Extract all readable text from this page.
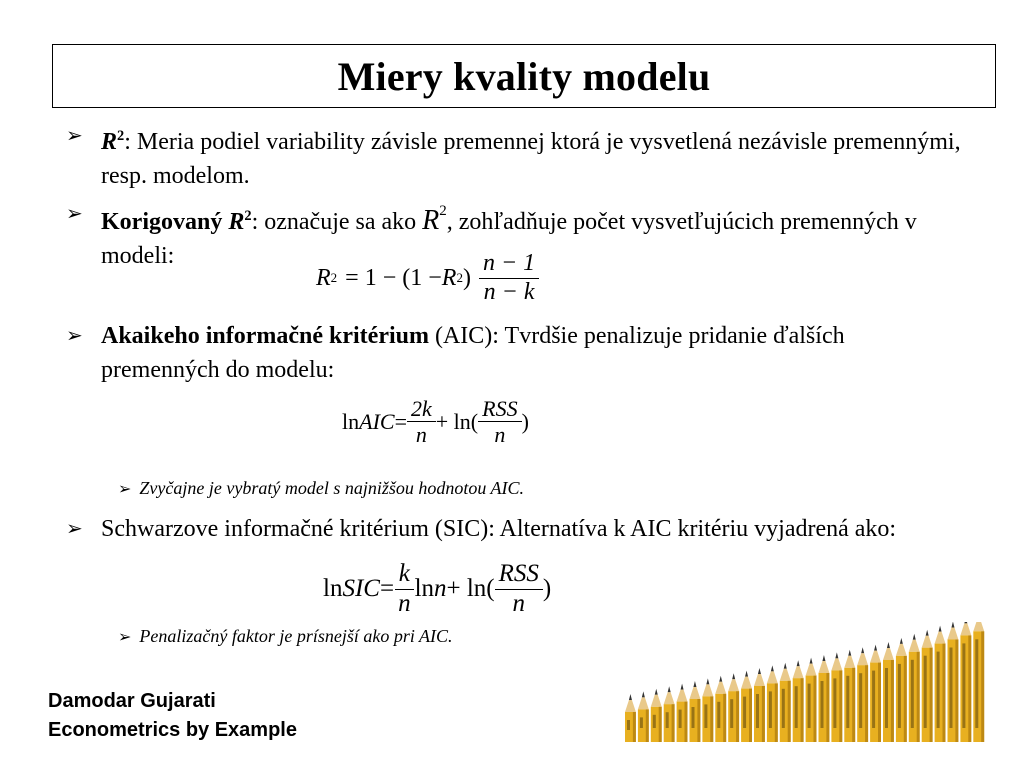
Miery kvality modelu
➢ $R^2$: Meria podiel variability závisle premennej ktorá je vysvetlená nezávisle premennými, resp. modelom.
➢ Korigovaný $R^2$: označuje sa ako $R^2$, zohľadňuje počet vysvetľujúcich premenných v modeli:
R 2 = 1 − (1 − R 2 ) $\frac{n - 1}{n - k}$
➢ Akaikeho informačné kritérium (AIC): Tvrdšie penalizuje pridanie ďalších premenných do modelu:
ln AIC = $\frac{2k}{n} + \ln( \frac{\text{RSS}}{n}$ )
➢ Zvyčajne je vybratý model s najnižšou hodnotou AIC.
➢ Schwarzove informačné kritérium (SIC): Alternatíva k AIC kritériu vyjadrená ako:
ln SIC = $\frac{k}{n}$ $\ln n + \ln( \frac{\text{RSS}}{n}$ )
➢ Penalizačný faktor je prísnejší ako pri AIC.
Damodar Gujarati
Econometrics by Example
